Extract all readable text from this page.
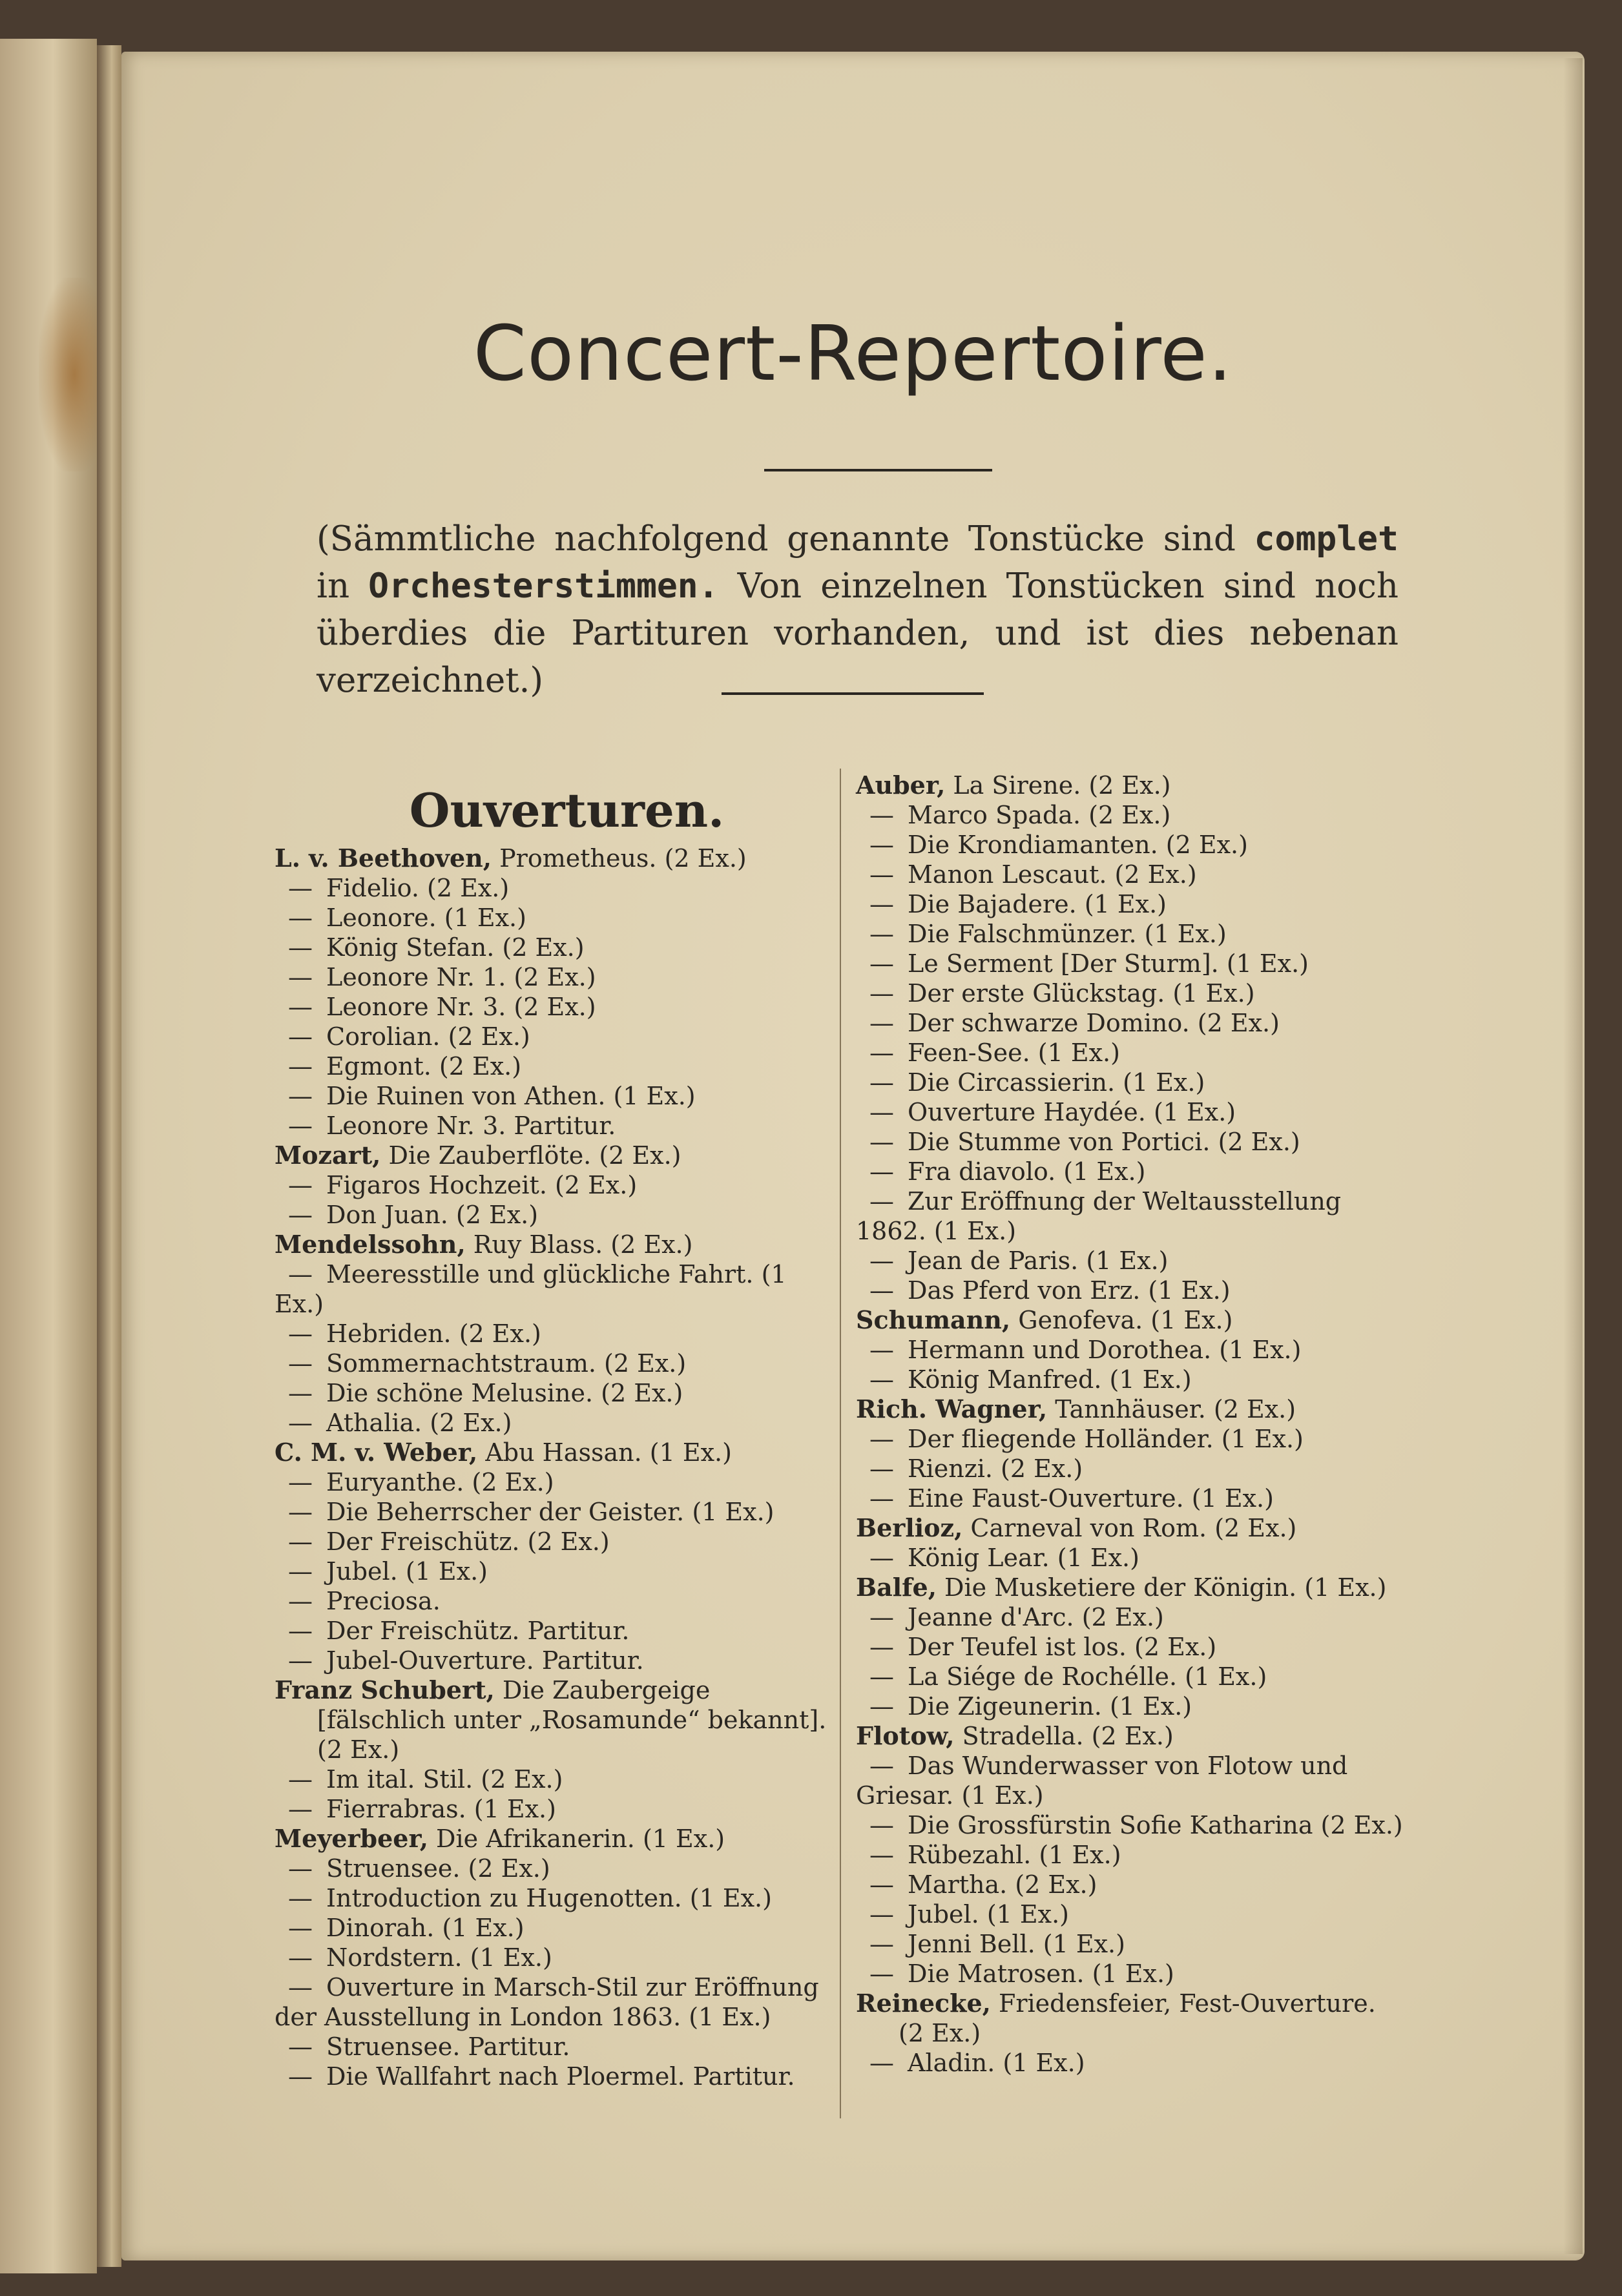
Concert-Repertoire.
(Sämmtliche nachfolgend genannte Tonstücke sind complet in Orchesterstimmen. Von einzelnen Tonstücken sind noch überdies die Partituren vorhanden, und ist dies nebenan verzeichnet.)
Ouverturen.

L. v. Beethoven, Prometheus. (2 Ex.)

— Fidelio. (2 Ex.)

— Leonore. (1 Ex.)

— König Stefan. (2 Ex.)

— Leonore Nr. 1. (2 Ex.)

— Leonore Nr. 3. (2 Ex.)

— Corolian. (2 Ex.)

— Egmont. (2 Ex.)

— Die Ruinen von Athen. (1 Ex.)

— Leonore Nr. 3. Partitur.

Mozart, Die Zauberflöte. (2 Ex.)

— Figaros Hochzeit. (2 Ex.)

— Don Juan. (2 Ex.)

Mendelssohn, Ruy Blass. (2 Ex.)

— Meeresstille und glückliche Fahrt. (1 Ex.)

— Hebriden. (2 Ex.)

— Sommernachtstraum. (2 Ex.)

— Die schöne Melusine. (2 Ex.)

— Athalia. (2 Ex.)

C. M. v. Weber, Abu Hassan. (1 Ex.)

— Euryanthe. (2 Ex.)

— Die Beherrscher der Geister. (1 Ex.)

— Der Freischütz. (2 Ex.)

— Jubel. (1 Ex.)

— Preciosa.

— Der Freischütz. Partitur.

— Jubel-Ouverture. Partitur.

Franz Schubert, Die Zaubergeige [fälschlich unter „Rosamunde“ bekannt]. (2 Ex.)

— Im ital. Stil. (2 Ex.)

— Fierrabras. (1 Ex.)

Meyerbeer, Die Afrikanerin. (1 Ex.)

— Struensee. (2 Ex.)

— Introduction zu Hugenotten. (1 Ex.)

— Dinorah. (1 Ex.)

— Nordstern. (1 Ex.)

— Ouverture in Marsch-Stil zur Eröffnung der Ausstellung in London 1863. (1 Ex.)

— Struensee. Partitur.

— Die Wallfahrt nach Ploermel. Partitur.

Auber, La Sirene. (2 Ex.)

— Marco Spada. (2 Ex.)

— Die Krondiamanten. (2 Ex.)

— Manon Lescaut. (2 Ex.)

— Die Bajadere. (1 Ex.)

— Die Falschmünzer. (1 Ex.)

— Le Serment [Der Sturm]. (1 Ex.)

— Der erste Glückstag. (1 Ex.)

— Der schwarze Domino. (2 Ex.)

— Feen-See. (1 Ex.)

— Die Circassierin. (1 Ex.)

— Ouverture Haydée. (1 Ex.)

— Die Stumme von Portici. (2 Ex.)

— Fra diavolo. (1 Ex.)

— Zur Eröffnung der Weltausstellung 1862. (1 Ex.)

— Jean de Paris. (1 Ex.)

— Das Pferd von Erz. (1 Ex.)

Schumann, Genofeva. (1 Ex.)

— Hermann und Dorothea. (1 Ex.)

— König Manfred. (1 Ex.)

Rich. Wagner, Tannhäuser. (2 Ex.)

— Der fliegende Holländer. (1 Ex.)

— Rienzi. (2 Ex.)

— Eine Faust-Ouverture. (1 Ex.)

Berlioz, Carneval von Rom. (2 Ex.)

— König Lear. (1 Ex.)

Balfe, Die Musketiere der Königin. (1 Ex.)

— Jeanne d'Arc. (2 Ex.)

— Der Teufel ist los. (2 Ex.)

— La Siége de Rochélle. (1 Ex.)

— Die Zigeunerin. (1 Ex.)

Flotow, Stradella. (2 Ex.)

— Das Wunderwasser von Flotow und Griesar. (1 Ex.)

— Die Grossfürstin Sofie Katharina (2 Ex.)

— Rübezahl. (1 Ex.)

— Martha. (2 Ex.)

— Jubel. (1 Ex.)

— Jenni Bell. (1 Ex.)

— Die Matrosen. (1 Ex.)

Reinecke, Friedensfeier, Fest-Ouverture. (2 Ex.)

— Aladin. (1 Ex.)
